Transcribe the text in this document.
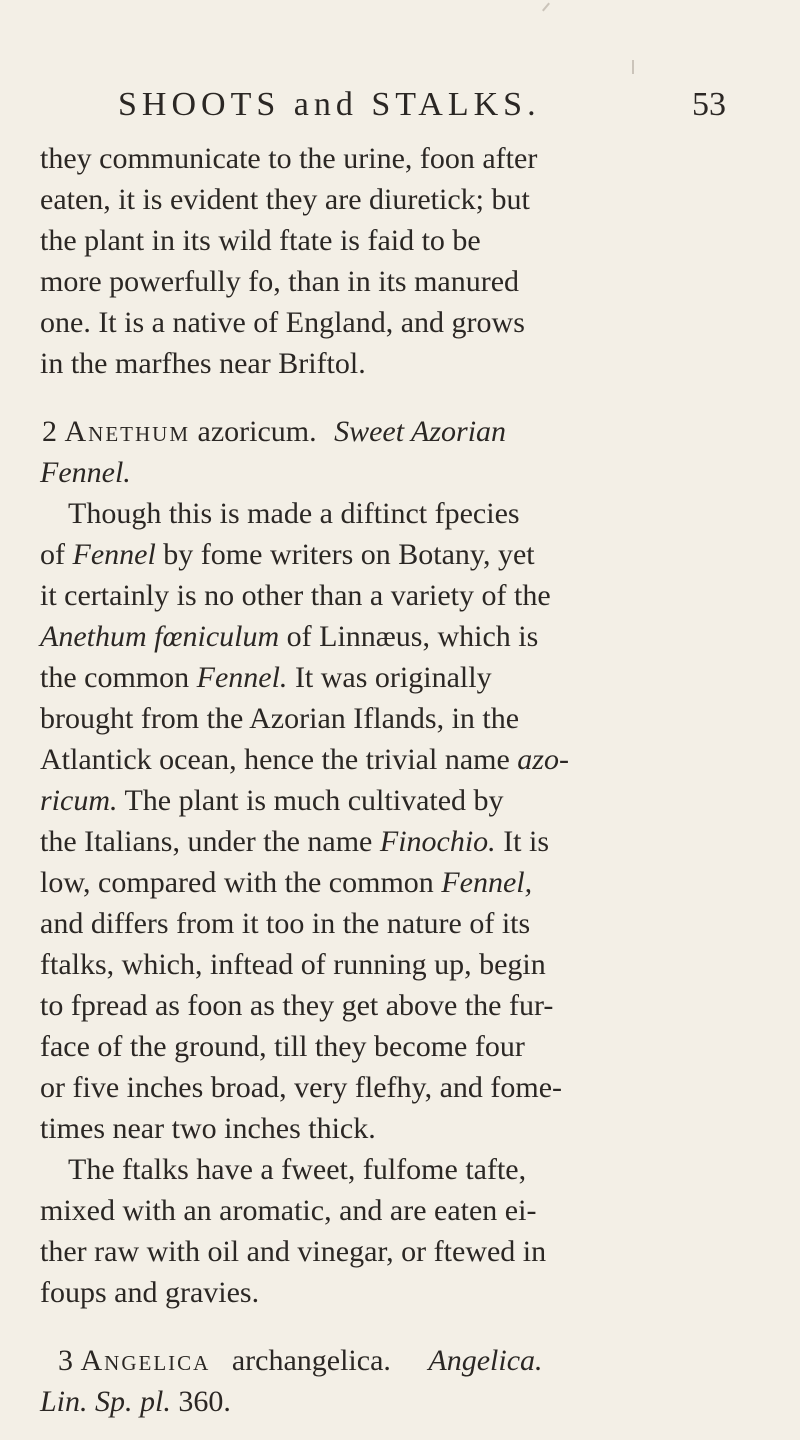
SHOOTS and STALKS.	53
they communicate to the urine, foon after
eaten, it is evident they are diuretick; but
the plant in its wild ftate is faid to be
more powerfully fo, than in its manured
one. It is a native of England, and grows
in the marfhes near Briftol.
2 Anethum azoricum. Sweet Azorian
Fennel.
Though this is made a diftinct fpecies
of Fennel by fome writers on Botany, yet
it certainly is no other than a variety of the
Anethum fœniculum of Linnæus, which is
the common Fennel. It was originally
brought from the Azorian Iflands, in the
Atlantick ocean, hence the trivial name azo-
ricum. The plant is much cultivated by
the Italians, under the name Finochio. It is
low, compared with the common Fennel,
and differs from it too in the nature of its
ftalks, which, inftead of running up, begin
to fpread as foon as they get above the fur-
face of the ground, till they become four
or five inches broad, very flefhy, and fome-
times near two inches thick.
The ftalks have a fweet, fulfome tafte,
mixed with an aromatic, and are eaten ei-
ther raw with oil and vinegar, or ftewed in
foups and gravies.
3 Angelica archangelica. Angelica.
Lin. Sp. pl. 360.
